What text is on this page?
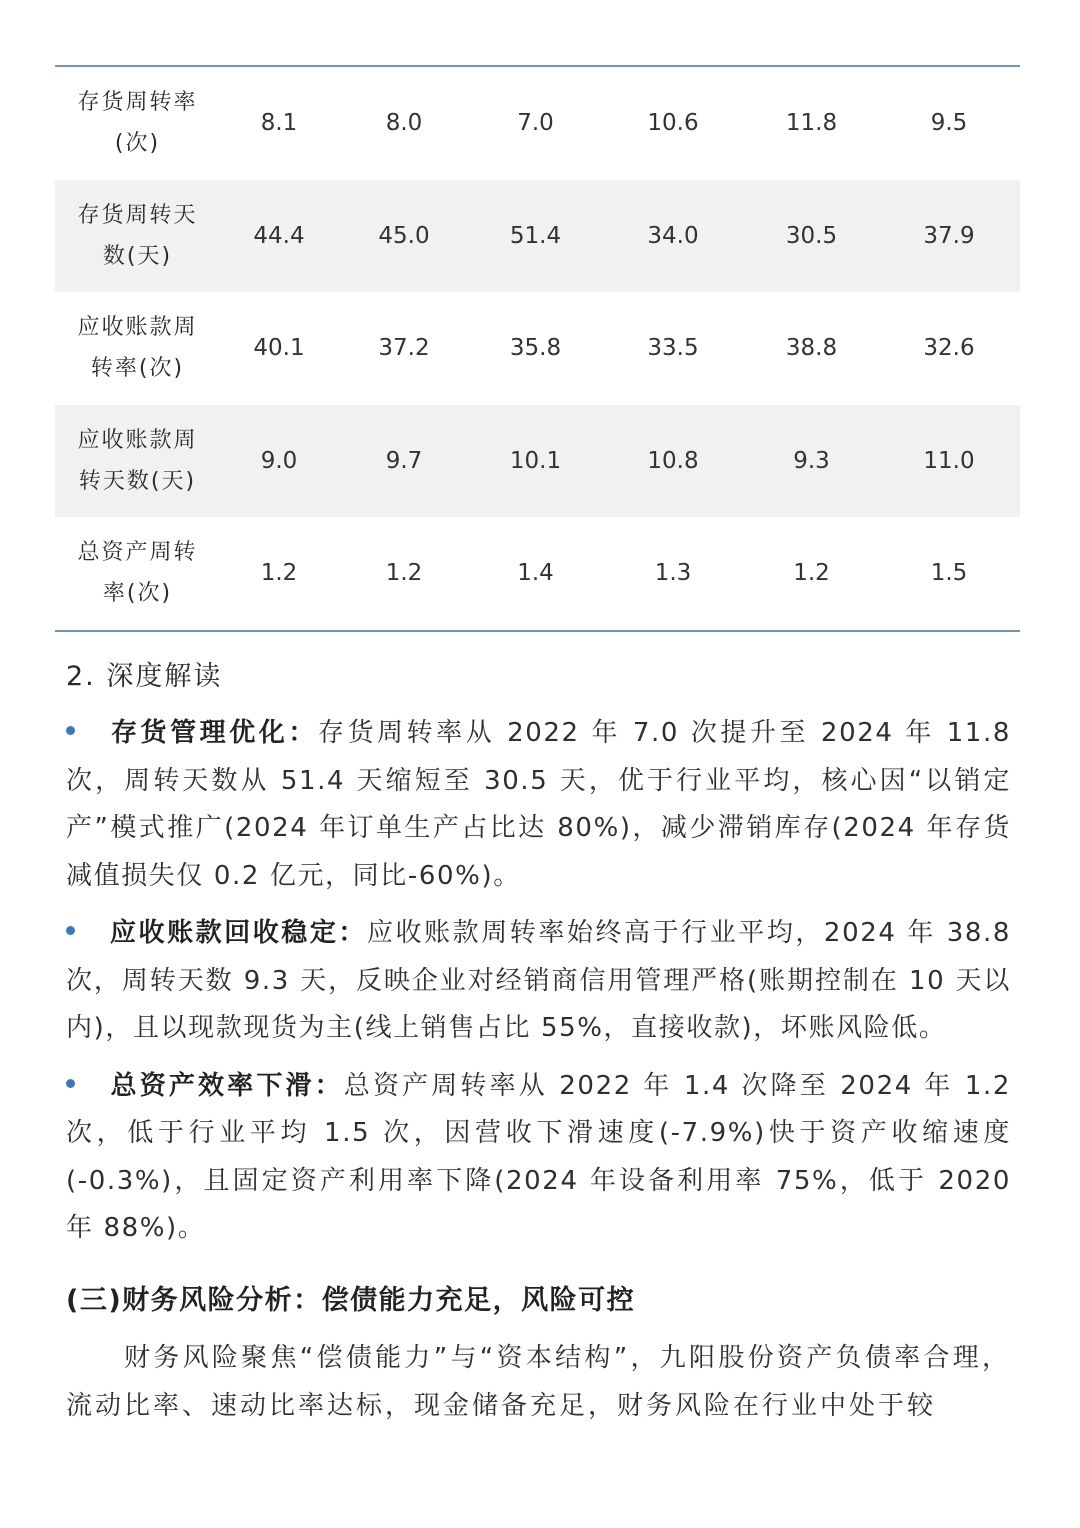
存货周转率
(次)
8.1	8.0	7.0	10.6	11.8	9.5
存货周转天
数(天)
44.4	45.0	51.4	34.0	30.5	37.9
应收账款周
转率(次)
40.1	37.2	35.8	33.5	38.8	32.6
应收账款周
转天数(天)
9.0	9.7	10.1	10.8	9.3	11.0
总资产周转
率(次)
1.2	1.2	1.4	1.3	1.2	1.5
2. 深度解读
存货管理优化：存货周转率从 2022 年 7.0 次提升至 2024 年 11.8 次，周转天数从 51.4 天缩短至 30.5 天，优于行业平均，核心因“以销定产”模式推广(2024 年订单生产占比达 80%)，减少滞销库存(2024 年存货减值损失仅 0.2 亿元，同比-60%)。
应收账款回收稳定：应收账款周转率始终高于行业平均，2024 年 38.8 次，周转天数 9.3 天，反映企业对经销商信用管理严格(账期控制在 10 天以内)，且以现款现货为主(线上销售占比 55%，直接收款)，坏账风险低。
总资产效率下滑：总资产周转率从 2022 年 1.4 次降至 2024 年 1.2 次，低于行业平均 1.5 次，因营收下滑速度(-7.9%)快于资产收缩速度(-0.3%)，且固定资产利用率下降(2024 年设备利用率 75%，低于 2020 年 88%)。
(三)财务风险分析：偿债能力充足，风险可控

财务风险聚焦“偿债能力”与“资本结构”，九阳股份资产负债率合理，流动比率、速动比率达标，现金储备充足，财务风险在行业中处于较
